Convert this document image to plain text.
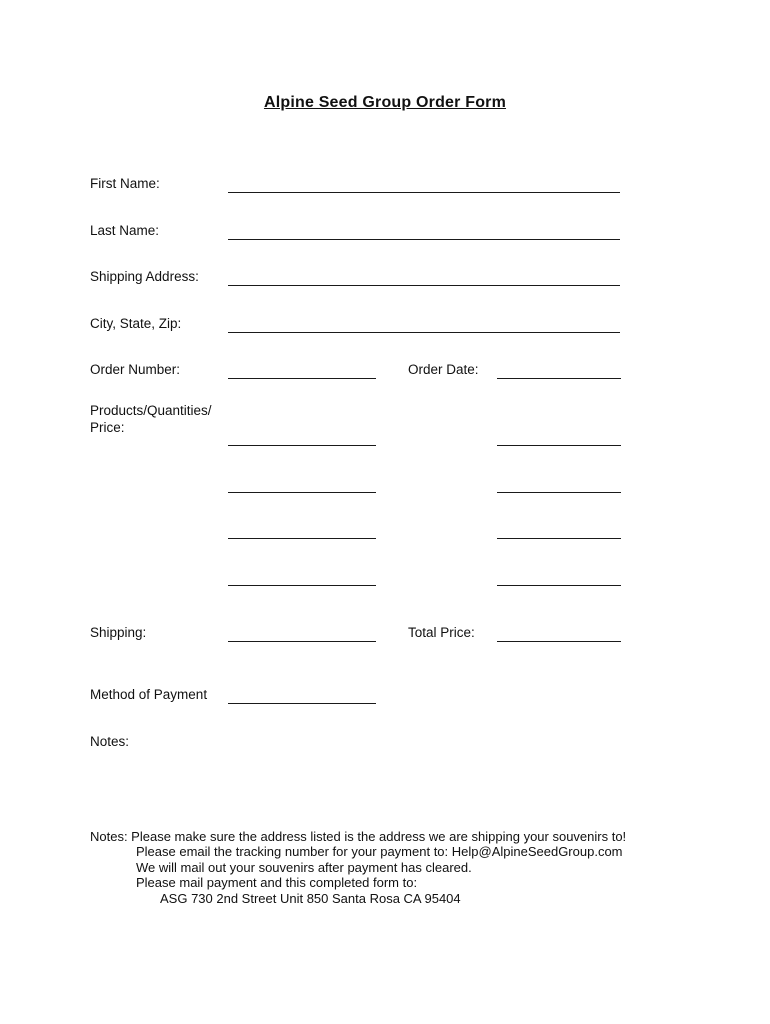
Alpine Seed Group Order Form
First Name:
Last Name:
Shipping Address:
City, State, Zip:
Order Number:	Order Date:
Products/Quantities/
Price:
Shipping:	Total Price:
Method of Payment
Notes:
Notes: Please make sure the address listed is the address we are shipping your souvenirs to!
Please email the tracking number for your payment to: Help@AlpineSeedGroup.com
We will mail out your souvenirs after payment has cleared.
Please mail payment and this completed form to:
ASG 730 2nd Street Unit 850 Santa Rosa CA 95404
